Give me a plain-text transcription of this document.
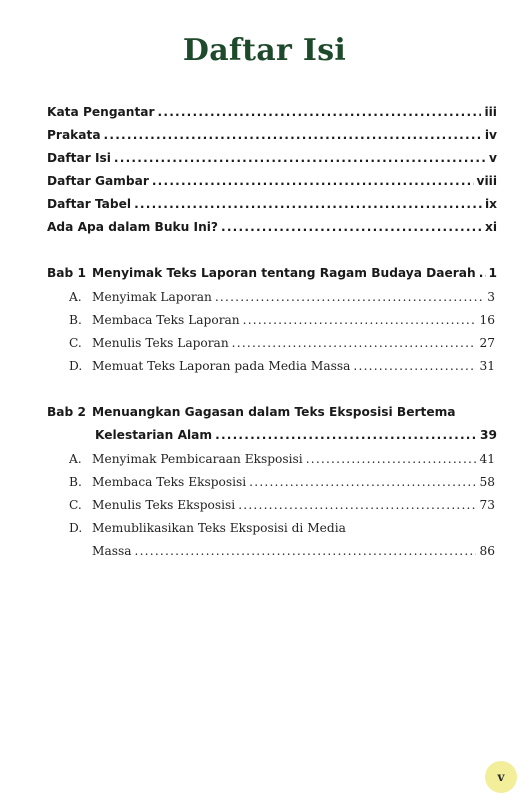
Daftar Isi
Kata Pengantar .....	iii
Prakata .....	iv
Daftar Isi .....	v
Daftar Gambar .....	viii
Daftar Tabel .....	ix
Ada Apa dalam Buku Ini? .....	xi
Bab 1 Menyimak Teks Laporan tentang Ragam Budaya Daerah ..... 1
A. Menyimak Laporan .....	3
B. Membaca Teks Laporan .....	16
C. Menulis Teks Laporan .....	27
D. Memuat Teks Laporan pada Media Massa .....	31
Bab 2 Menuangkan Gagasan dalam Teks Eksposisi Bertema
Kelestarian Alam .....	39
A. Menyimak Pembicaraan Eksposisi .....	41
B. Membaca Teks Eksposisi .....	58
C. Menulis Teks Eksposisi .....	73
D. Memublikasikan Teks Eksposisi di Media
Massa .....	86
v
